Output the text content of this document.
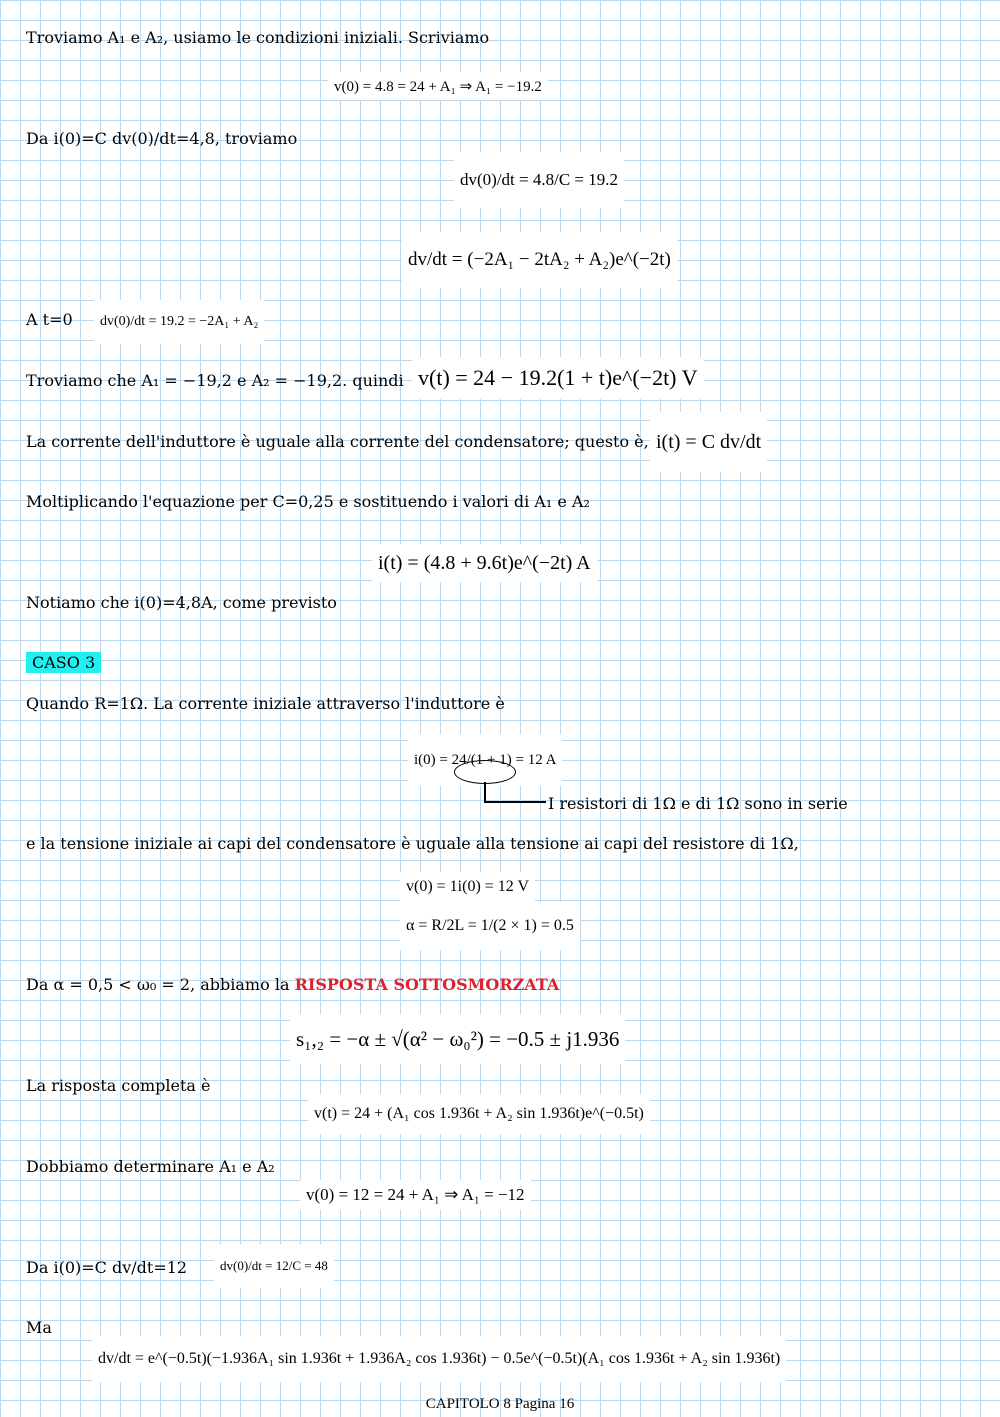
Troviamo A₁ e A₂, usiamo le condizioni iniziali. Scriviamo
v(0) = 4.8 = 24 + A₁ ⇒ A₁ = −19.2
Da i(0)=C dv(0)/dt=4,8, troviamo
dv(0)/dt = 4.8/C = 19.2
dv/dt = (−2A₁ − 2tA₂ + A₂)e^(−2t)
A t=0	dv(0)/dt = 19.2 = −2A₁ + A₂
Troviamo che A₁ = −19,2 e A₂ = −19,2. quindi v(t) = 24 − 19.2(1 + t)e^(−2t) V
La corrente dell'induttore è uguale alla corrente del condensatore; questo è, i(t) = C dv/dt
Moltiplicando l'equazione per C=0,25 e sostituendo i valori di A₁ e A₂
i(t) = (4.8 + 9.6t)e^(−2t) A
Notiamo che i(0)=4,8A, come previsto
CASO 3
Quando R=1Ω. La corrente iniziale attraverso l'induttore è
i(0) = 24/(1 + 1) = 12 A
I resistori di 1Ω e di 1Ω sono in serie
e la tensione iniziale ai capi del condensatore è uguale alla tensione ai capi del resistore di 1Ω,
v(0) = 1i(0) = 12 V
α = R/2L = 1/(2 × 1) = 0.5
Da α = 0,5 < ω₀ = 2, abbiamo la RISPOSTA SOTTOSMORZATA
s₁,₂ = −α ± √(α² − ω₀²) = −0.5 ± j1.936
La risposta completa è
v(t) = 24 + (A₁ cos 1.936t + A₂ sin 1.936t)e^(−0.5t)
Dobbiamo determinare A₁ e A₂
v(0) = 12 = 24 + A₁ ⇒ A₁ = −12
Da i(0)=C dv/dt=12	dv(0)/dt = 12/C = 48
Ma
dv/dt = e^(−0.5t)(−1.936A₁ sin 1.936t + 1.936A₂ cos 1.936t) − 0.5e^(−0.5t)(A₁ cos 1.936t + A₂ sin 1.936t)
CAPITOLO 8 Pagina 16
